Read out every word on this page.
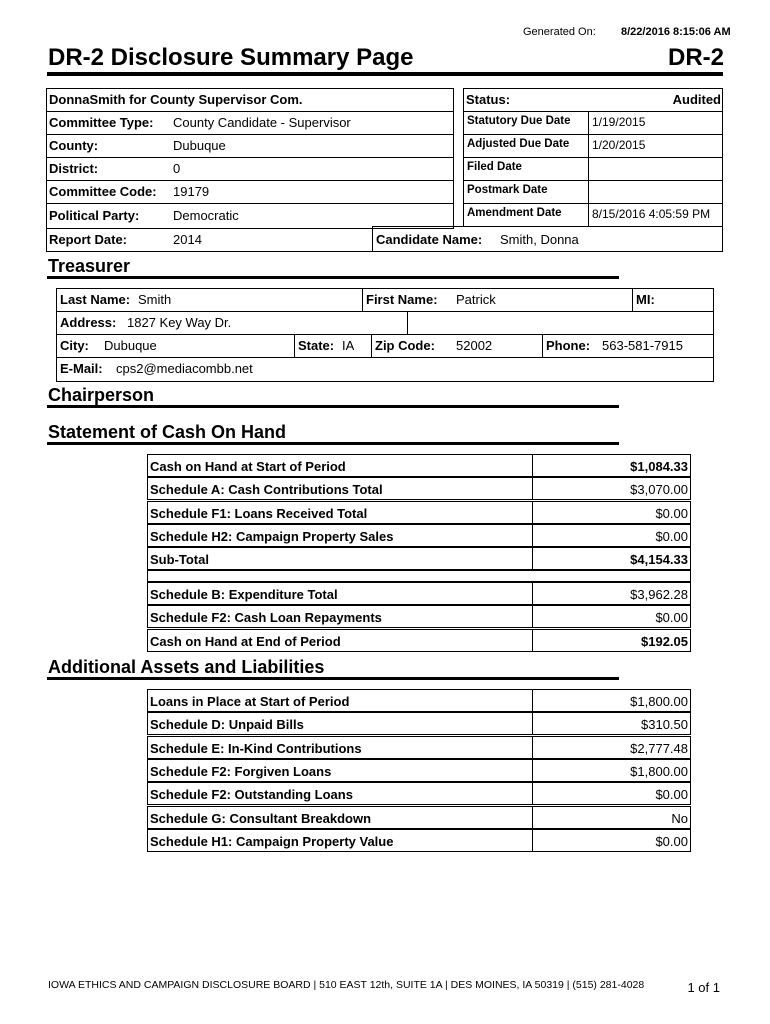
Generated On: 8/22/2016 8:15:06 AM
DR-2 Disclosure Summary Page	DR-2
DonnaSmith for County Supervisor Com.
Committee Type: County Candidate - Supervisor
County:	Dubuque
District:	0
Committee Code: 19179
Political Party:	Democratic
Status:	Audited
Statutory Due Date 1/19/2015
Adjusted Due Date 1/20/2015
Filed Date
Postmark Date
Amendment Date	8/15/2016 4:05:59 PM
Report Date:	2014	Candidate Name: Smith, Donna
Treasurer
Last Name: Smith	First Name: Patrick	MI:
Address: 1827 Key Way Dr.
City: Dubuque	State: IA Zip Code: 52002	Phone: 563-581-7915
E-Mail: cps2@mediacombb.net
Chairperson
Statement of Cash On Hand
Cash on Hand at Start of Period	$1,084.33
Schedule A: Cash Contributions Total	$3,070.00
Schedule F1: Loans Received Total	$0.00
Schedule H2: Campaign Property Sales	$0.00
Sub-Total	$4,154.33
Schedule B: Expenditure Total	$3,962.28
Schedule F2: Cash Loan Repayments	$0.00
Cash on Hand at End of Period	$192.05
Additional Assets and Liabilities
Loans in Place at Start of Period	$1,800.00
Schedule D: Unpaid Bills	$310.50
Schedule E: In-Kind Contributions	$2,777.48
Schedule F2: Forgiven Loans	$1,800.00
Schedule F2: Outstanding Loans	$0.00
Schedule G: Consultant Breakdown	No
Schedule H1: Campaign Property Value	$0.00
IOWA ETHICS AND CAMPAIGN DISCLOSURE BOARD | 510 EAST 12th, SUITE 1A | DES MOINES, IA 50319 | (515) 281-4028	1 of 1
